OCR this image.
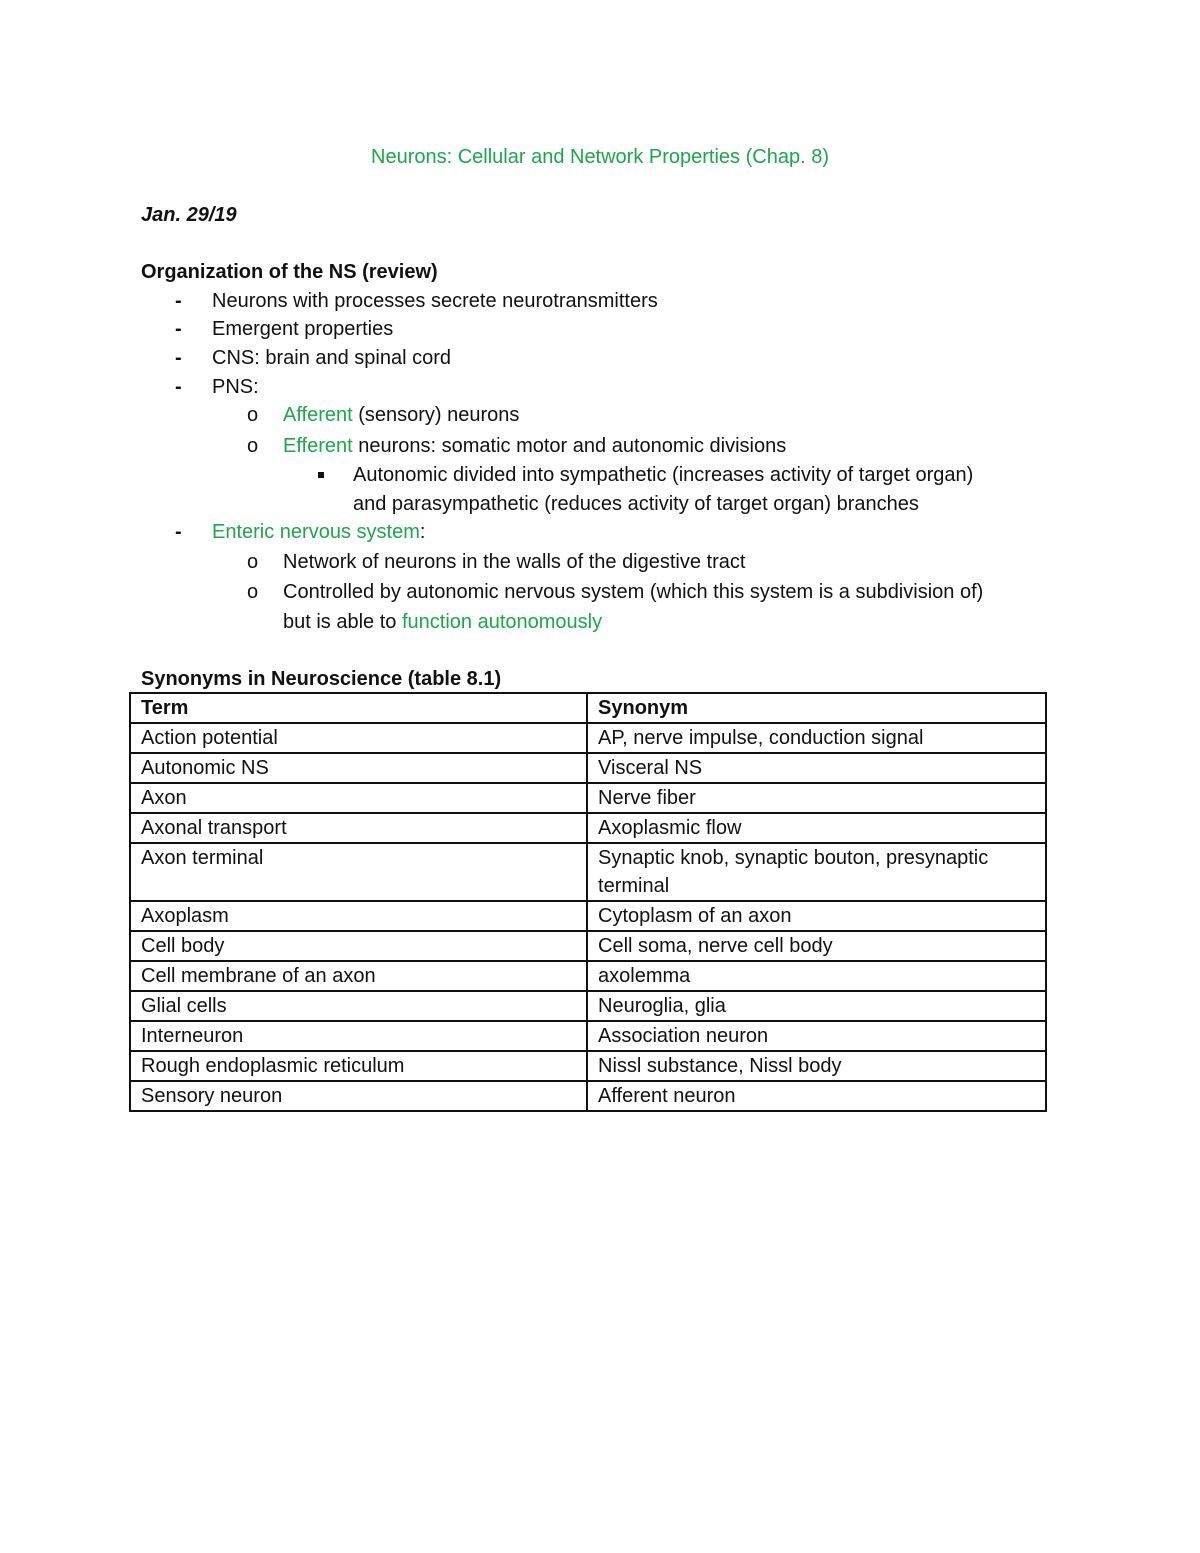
Neurons: Cellular and Network Properties (Chap. 8)
Jan. 29/19
Organization of the NS (review)
- Neurons with processes secrete neurotransmitters
- Emergent properties
- CNS: brain and spinal cord
- PNS:
o Afferent (sensory) neurons
o Efferent neurons: somatic motor and autonomic divisions
Autonomic divided into sympathetic (increases activity of target organ)
and parasympathetic (reduces activity of target organ) branches
- Enteric nervous system:
o Network of neurons in the walls of the digestive tract
o Controlled by autonomic nervous system (which this system is a subdivision of)
but is able to function autonomously
Synonyms in Neuroscience (table 8.1)
Term	Synonym
Action potential	AP, nerve impulse, conduction signal
Autonomic NS	Visceral NS
Axon	Nerve fiber
Axonal transport	Axoplasmic flow
Axon terminal	Synaptic knob, synaptic bouton, presynaptic terminal
Axoplasm	Cytoplasm of an axon
Cell body	Cell soma, nerve cell body
Cell membrane of an axon	axolemma
Glial cells	Neuroglia, glia
Interneuron	Association neuron
Rough endoplasmic reticulum	Nissl substance, Nissl body
Sensory neuron	Afferent neuron
